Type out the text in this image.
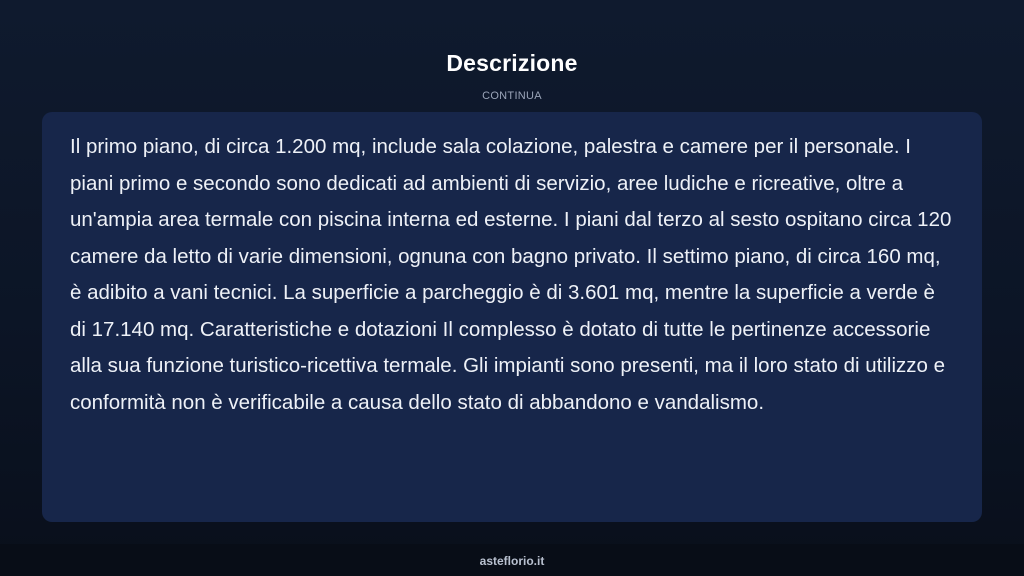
Descrizione
CONTINUA

Il primo piano, di circa 1.200 mq, include sala colazione, palestra e camere per il personale. I piani primo e secondo sono dedicati ad ambienti di servizio, aree ludiche e ricreative, oltre a un'ampia area termale con piscina interna ed esterne. I piani dal terzo al sesto ospitano circa 120 camere da letto di varie dimensioni, ognuna con bagno privato. Il settimo piano, di circa 160 mq, è adibito a vani tecnici. La superficie a parcheggio è di 3.601 mq, mentre la superficie a verde è di 17.140 mq. Caratteristiche e dotazioni Il complesso è dotato di tutte le pertinenze accessorie alla sua funzione turistico-ricettiva termale. Gli impianti sono presenti, ma il loro stato di utilizzo e conformità non è verificabile a causa dello stato di abbandono e vandalismo.

asteflorio.it
